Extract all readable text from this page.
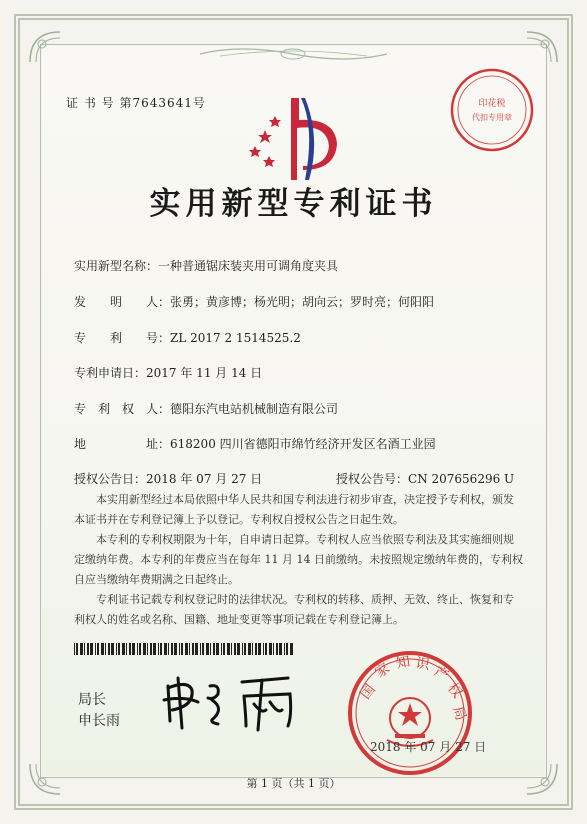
证 书 号 第7643641号	印花税
代扣专用章
实用新型专利证书
实用新型名称：一种普通锯床装夹用可调角度夹具
发　　明　　人：张勇；黄彦博；杨光明；胡向云；罗时亮；何阳阳
专　　利　　号：ZL 2017 2 1514525.2
专利申请日：2017 年 11 月 14 日
专　利　权　人：德阳东汽电站机械制造有限公司
地　　　　　址：618200 四川省德阳市绵竹经济开发区名酒工业园
授权公告日：2018 年 07 月 27 日	授权公告号：CN 207656296 U

本实用新型经过本局依照中华人民共和国专利法进行初步审查，决定授予专利权，颁发本证书并在专利登记簿上予以登记。专利权自授权公告之日起生效。

本专利的专利权期限为十年，自申请日起算。专利权人应当依照专利法及其实施细则规定缴纳年费。本专利的年费应当在每年 11 月 14 日前缴纳。未按照规定缴纳年费的，专利权自应当缴纳年费期满之日起终止。

专利证书记载专利权登记时的法律状况。专利权的转移、质押、无效、终止、恢复和专利权人的姓名或名称、国籍、地址变更等事项记载在专利登记簿上。

局长
申长雨
国
家 知 识 产
权
局
2018 年 07 月 27 日
第 1 页（共 1 页）
